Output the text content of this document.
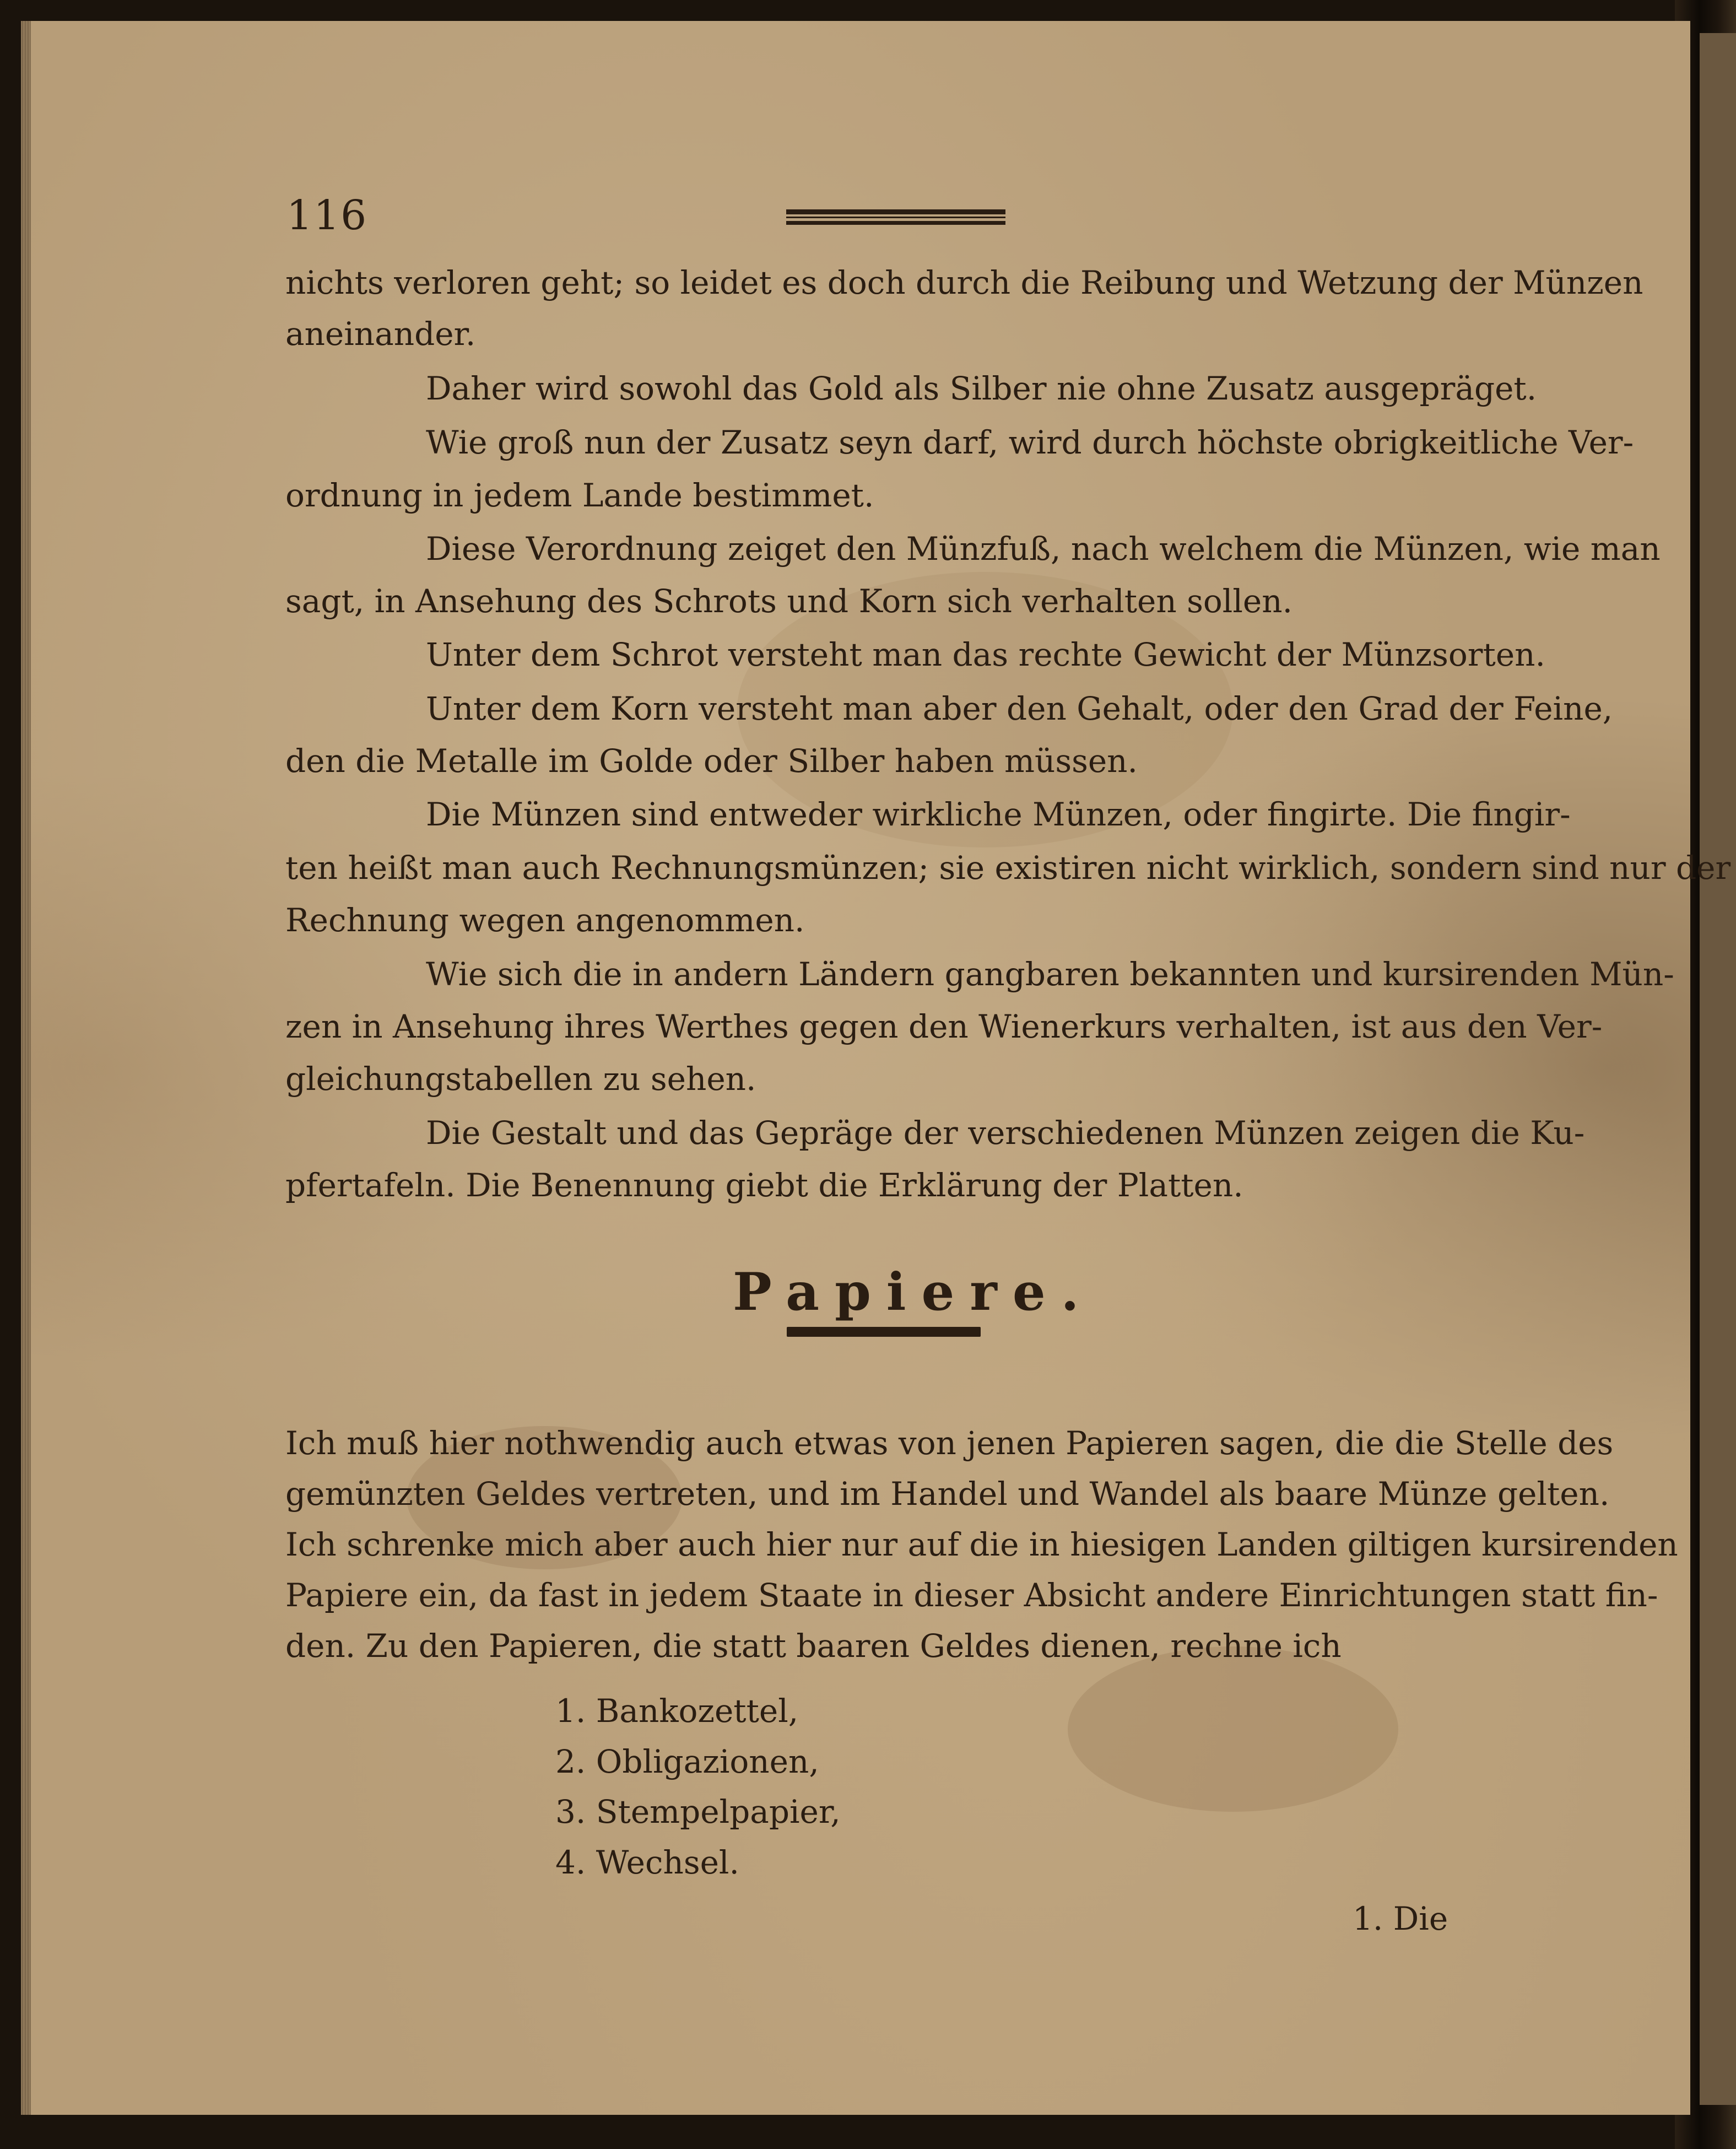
116
nichts verloren geht; so leidet es doch durch die Reibung und Wetzung der Münzen
aneinander.
Daher wird sowohl das Gold als Silber nie ohne Zusatz ausgepräget.
Wie groß nun der Zusatz seyn darf, wird durch höchste obrigkeitliche Ver-
ordnung in jedem Lande bestimmet.
Diese Verordnung zeiget den Münzfuß, nach welchem die Münzen, wie man
sagt, in Ansehung des Schrots und Korn sich verhalten sollen.
Unter dem Schrot versteht man das rechte Gewicht der Münzsorten.
Unter dem Korn versteht man aber den Gehalt, oder den Grad der Feine,
den die Metalle im Golde oder Silber haben müssen.
Die Münzen sind entweder wirkliche Münzen, oder fingirte. Die fingir-
ten heißt man auch Rechnungsmünzen; sie existiren nicht wirklich, sondern sind nur der
Rechnung wegen angenommen.
Wie sich die in andern Ländern gangbaren bekannten und kursirenden Mün-
zen in Ansehung ihres Werthes gegen den Wienerkurs verhalten, ist aus den Ver-
gleichungstabellen zu sehen.
Die Gestalt und das Gepräge der verschiedenen Münzen zeigen die Ku-
pfertafeln. Die Benennung giebt die Erklärung der Platten.
Papiere.
Ich muß hier nothwendig auch etwas von jenen Papieren sagen, die die Stelle des
gemünzten Geldes vertreten, und im Handel und Wandel als baare Münze gelten.
Ich schrenke mich aber auch hier nur auf die in hiesigen Landen giltigen kursirenden
Papiere ein, da fast in jedem Staate in dieser Absicht andere Einrichtungen statt fin-
den. Zu den Papieren, die statt baaren Geldes dienen, rechne ich
1. Bankozettel,
2. Obligazionen,
3. Stempelpapier,
4. Wechsel.
1. Die
